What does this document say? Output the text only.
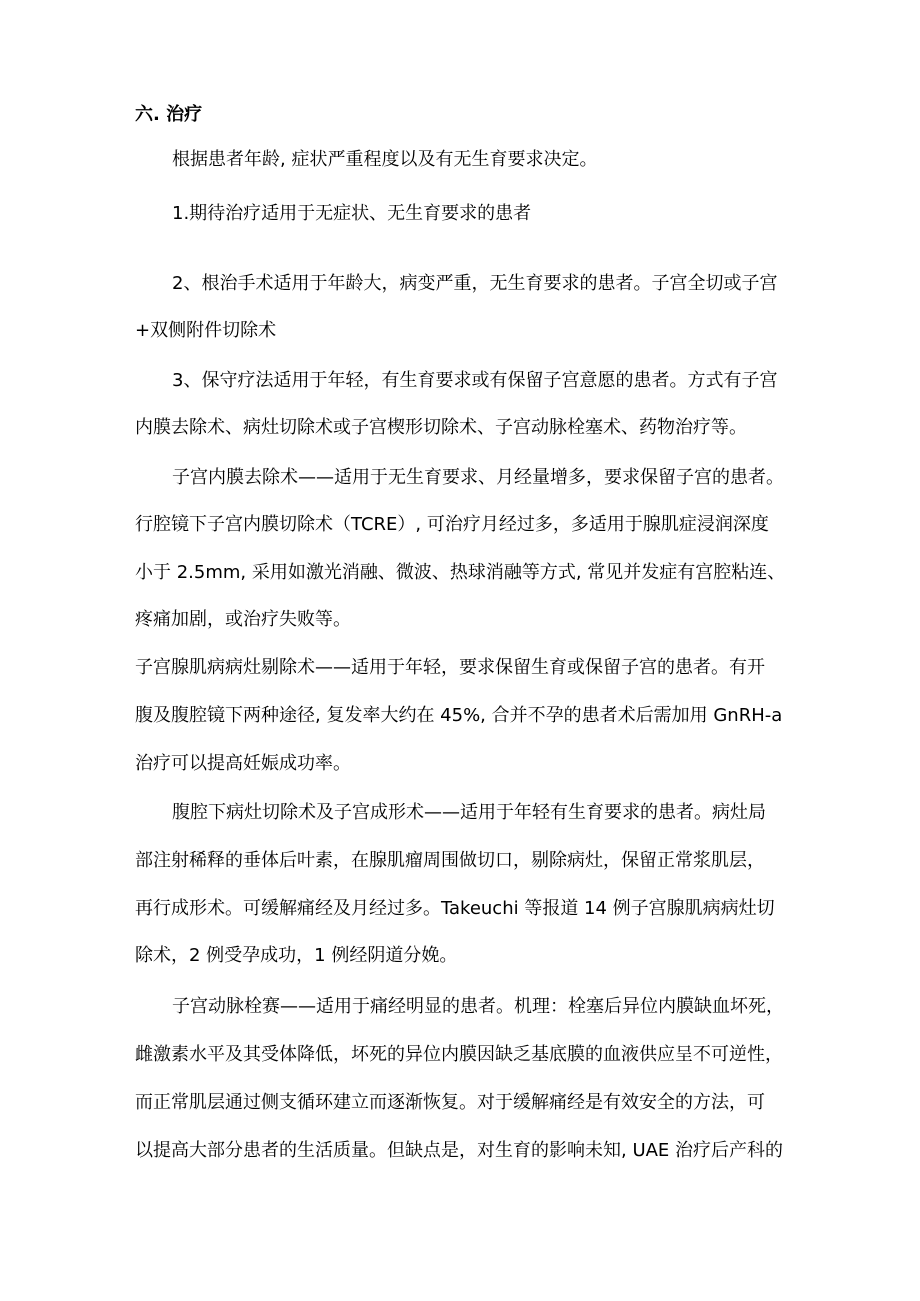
六. 治疗

根据患者年龄, 症状严重程度以及有无生育要求决定。

1.期待治疗适用于无症状、无生育要求的患者

2、根治手术适用于年龄大，病变严重，无生育要求的患者。子宫全切或子宫

+双侧附件切除术

3、保守疗法适用于年轻，有生育要求或有保留子宫意愿的患者。方式有子宫

内膜去除术、病灶切除术或子宫楔形切除术、子宫动脉栓塞术、药物治疗等。

子宫内膜去除术——适用于无生育要求、月经量增多，要求保留子宫的患者。

行腔镜下子宫内膜切除术（TCRE）, 可治疗月经过多，多适用于腺肌症浸润深度

小于 2.5mm, 采用如激光消融、微波、热球消融等方式, 常见并发症有宫腔粘连、

疼痛加剧，或治疗失败等。

子宫腺肌病病灶剔除术——适用于年轻，要求保留生育或保留子宫的患者。有开

腹及腹腔镜下两种途径, 复发率大约在 45%, 合并不孕的患者术后需加用 GnRH-a

治疗可以提高妊娠成功率。

腹腔下病灶切除术及子宫成形术——适用于年轻有生育要求的患者。病灶局

部注射稀释的垂体后叶素，在腺肌瘤周围做切口，剔除病灶，保留正常浆肌层，

再行成形术。可缓解痛经及月经过多。Takeuchi 等报道 14 例子宫腺肌病病灶切

除术，2 例受孕成功，1 例经阴道分娩。

子宫动脉栓赛——适用于痛经明显的患者。机理：栓塞后异位内膜缺血坏死，

雌激素水平及其受体降低，坏死的异位内膜因缺乏基底膜的血液供应呈不可逆性，

而正常肌层通过侧支循环建立而逐渐恢复。对于缓解痛经是有效安全的方法，可

以提高大部分患者的生活质量。但缺点是，对生育的影响未知, UAE 治疗后产科的
